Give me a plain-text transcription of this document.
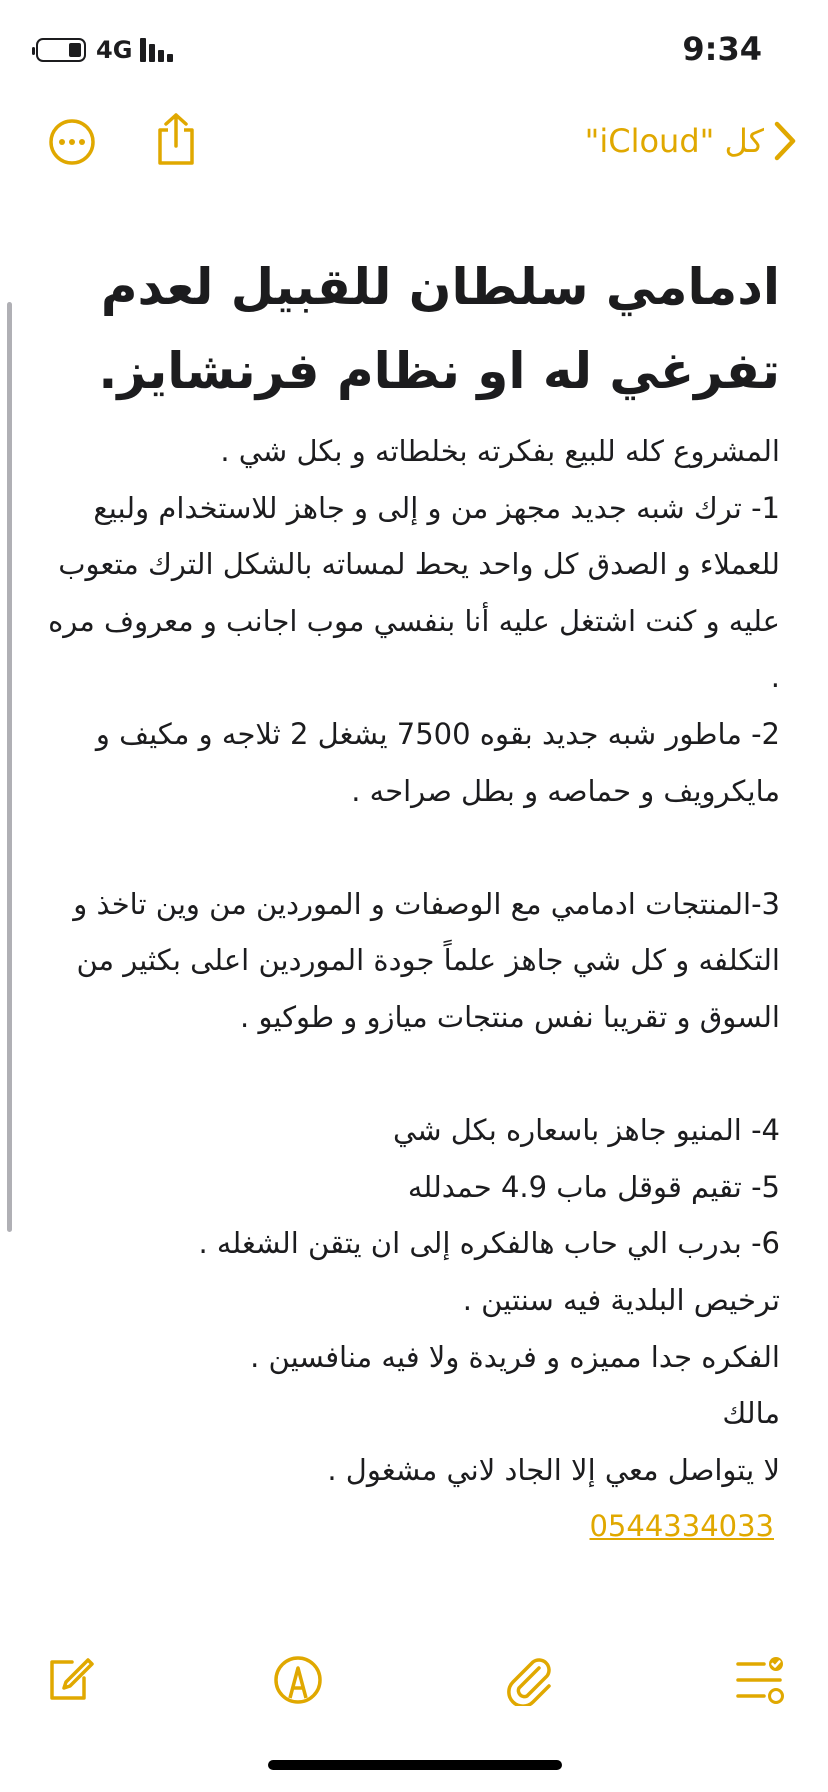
4G	9:34
كل "iCloud"
ادمامي سلطان للقبيل لعدم تفرغي له او نظام فرنشايز.
المشروع كله للبيع بفكرته بخلطاته و بكل شي .
1- ترك شبه جديد مجهز من و إلى و جاهز للاستخدام ولبيع للعملاء و الصدق كل واحد يحط لمساته بالشكل الترك متعوب عليه و كنت اشتغل عليه أنا بنفسي موب اجانب و معروف مره .
2- ماطور شبه جديد بقوه 7500 يشغل 2 ثلاجه و مكيف و مايكرويف و حماصه و بطل صراحه .
3-المنتجات ادمامي مع الوصفات و الموردين من وين تاخذ و التكلفه و كل شي جاهز علماً جودة الموردين اعلى بكثير من السوق و تقريبا نفس منتجات ميازو و طوكيو .
4- المنيو جاهز باسعاره بكل شي
5- تقيم قوقل ماب 4.9 حمدلله
6- بدرب الي حاب هالفكره إلى ان يتقن الشغله .
ترخيص البلدية فيه سنتين .
الفكره جدا مميزه و فريدة ولا فيه منافسين .
مالك
لا يتواصل معي إلا الجاد لاني مشغول .
0544334033
